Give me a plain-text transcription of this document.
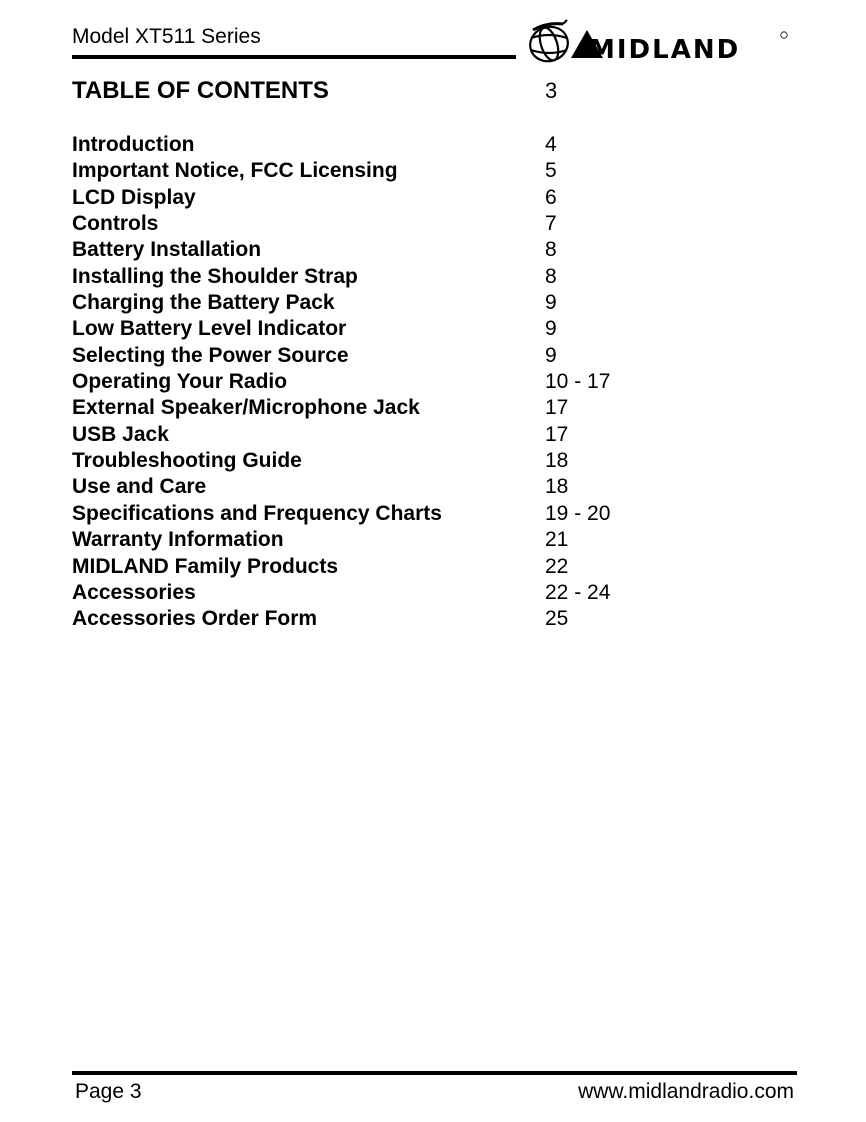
Model XT511 Series	MIDLAND
TABLE OF CONTENTS	3
Introduction	4
Important Notice, FCC Licensing	5
LCD Display	6
Controls	7
Battery Installation	8
Installing the Shoulder Strap	8
Charging the Battery Pack	9
Low Battery Level Indicator	9
Selecting the Power Source	9
Operating Your Radio	10 - 17
External Speaker/Microphone Jack	17
USB Jack	17
Troubleshooting Guide	18
Use and Care	18
Specifications and Frequency Charts	19 - 20
Warranty Information	21
MIDLAND Family Products	22
Accessories	22 - 24
Accessories Order Form	25
Page 3	www.midlandradio.com
